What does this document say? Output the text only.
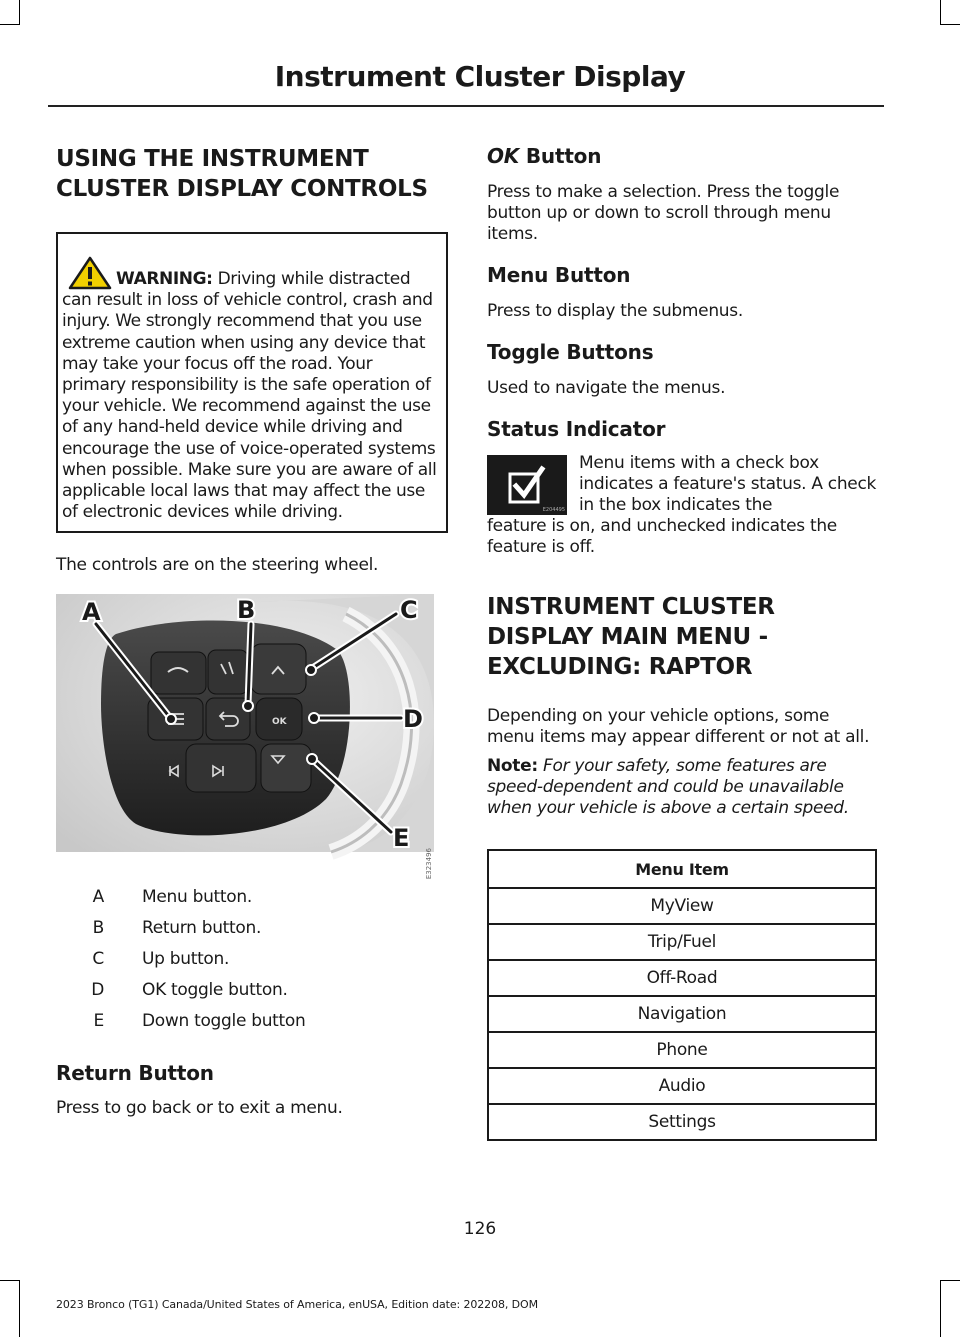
Instrument Cluster Display
USING THE INSTRUMENT
CLUSTER DISPLAY CONTROLS
WARNING: Driving while distracted can result in loss of vehicle control, crash and injury. We strongly recommend that you use extreme caution when using any device that may take your focus off the road. Your primary responsibility is the safe operation of your vehicle. We recommend against the use of any hand-held device while driving and encourage the use of voice-operated systems when possible. Make sure you are aware of all applicable local laws that may affect the use of electronic devices while driving.

The controls are on the steering wheel.

OK
A	B	C
D
E
E323496
A	Menu button.
B	Return button.
C	Up button.
D	OK toggle button.
E	Down toggle button
Return Button

Press to go back or to exit a menu.

OK Button

Press to make a selection. Press the toggle button up or down to scroll through menu items.

Menu Button

Press to display the submenus.

Toggle Buttons

Used to navigate the menus.

Status Indicator
E204495

Menu items with a check box indicates a feature's status. A check in the box indicates the

feature is on, and unchecked indicates the feature is off.

INSTRUMENT CLUSTER
DISPLAY MAIN MENU -
EXCLUDING: RAPTOR

Depending on your vehicle options, some menu items may appear different or not at all.

Note: For your safety, some features are speed-dependent and could be unavailable when your vehicle is above a certain speed.

Menu Item
MyView
Trip/Fuel
Off-Road
Navigation
Phone
Audio
Settings
126
2023 Bronco (TG1) Canada/United States of America, enUSA, Edition date: 202208, DOM
